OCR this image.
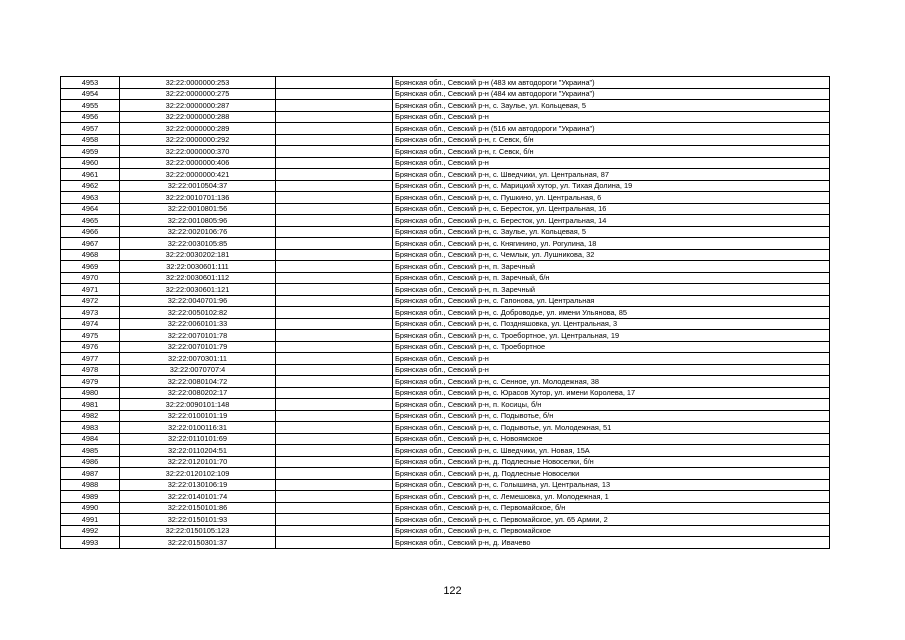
4953	32:22:0000000:253		Брянская обл., Севский р-н (483 км автодороги "Украина")
4954	32:22:0000000:275		Брянская обл., Севский р-н (484 км автодороги "Украина")
4955	32:22:0000000:287		Брянская обл., Севский р-н, с. Заулье, ул. Кольцевая, 5
4956	32:22:0000000:288		Брянская обл., Севский р-н
4957	32:22:0000000:289		Брянская обл., Севский р-н (516 км автодороги "Украина")
4958	32:22:0000000:292		Брянская обл., Севский р-н, г. Севск, б/н
4959	32:22:0000000:370		Брянская обл., Севский р-н, г. Севск, б/н
4960	32:22:0000000:406		Брянская обл., Севский р-н
4961	32:22:0000000:421		Брянская обл., Севский р-н, с. Шведчики, ул. Центральная, 87
4962	32:22:0010504:37		Брянская обл., Севский р-н, с. Марицкий хутор, ул. Тихая Долина, 19
4963	32:22:0010701:136		Брянская обл., Севский р-н, с. Пушкино, ул. Центральная, 6
4964	32:22:0010801:56		Брянская обл., Севский р-н, с. Береcток, ул. Центральная, 16
4965	32:22:0010805:96		Брянская обл., Севский р-н, с. Береcток, ул. Центральная, 14
4966	32:22:0020106:76		Брянская обл., Севский р-н, с. Заулье, ул. Кольцевая, 5
4967	32:22:0030105:85		Брянская обл., Севский р-н, с. Княгинино, ул. Рогулина, 18
4968	32:22:0030202:181		Брянская обл., Севский р-н, с. Чемлык, ул. Лушникова, 32
4969	32:22:0030601:111		Брянская обл., Севский р-н, п. Заречный
4970	32:22:0030601:112		Брянская обл., Севский р-н, п. Заречный, б/н
4971	32:22:0030601:121		Брянская обл., Севский р-н, п. Заречный
4972	32:22:0040701:96		Брянская обл., Севский р-н, с. Гапонова, ул. Центральная
4973	32:22:0050102:82		Брянская обл., Севский р-н, с. Доброводье, ул. имени Ульянова, 85
4974	32:22:0060101:33		Брянская обл., Севский р-н, с. Поздняшовка, ул. Центральная, 3
4975	32:22:0070101:78		Брянская обл., Севский р-н, с. Троебортное, ул. Центральная, 19
4976	32:22:0070101:79		Брянская обл., Севский р-н, с. Троебортное
4977	32:22:0070301:11		Брянская обл., Севский р-н
4978	32:22:0070707:4		Брянская обл., Севский р-н
4979	32:22:0080104:72		Брянская обл., Севский р-н, с. Сенное, ул. Молодежная, 38
4980	32:22:0080202:17		Брянская обл., Севский р-н, с. Юрасов Хутор, ул. имени Королева, 17
4981	32:22:0090101:148		Брянская обл., Севский р-н, п. Косицы, б/н
4982	32:22:0100101:19		Брянская обл., Севский р-н, с. Подывотье, б/н
4983	32:22:0100116:31		Брянская обл., Севский р-н, с. Подывотье, ул. Молодежная, 51
4984	32:22:0110101:69		Брянская обл., Севский р-н, с. Новоямское
4985	32:22:0110204:51		Брянская обл., Севский р-н, с. Шведчики, ул. Новая, 15А
4986	32:22:0120101:70		Брянская обл., Севский р-н, д. Подлесные Новоселки, б/н
4987	32:22:0120102:109		Брянская обл., Севский р-н, д. Подлесные Новоселки
4988	32:22:0130106:19		Брянская обл., Севский р-н, с. Голышина, ул. Центральная, 13
4989	32:22:0140101:74		Брянская обл., Севский р-н, с. Лемешовка, ул. Молодежная, 1
4990	32:22:0150101:86		Брянская обл., Севский р-н, с. Первомайское, б/н
4991	32:22:0150101:93		Брянская обл., Севский р-н, с. Первомайское, ул. 65 Армии, 2
4992	32:22:0150105:123		Брянская обл., Севский р-н, с. Первомайское
4993	32:22:0150301:37		Брянская обл., Севский р-н, д. Ивачево
122
